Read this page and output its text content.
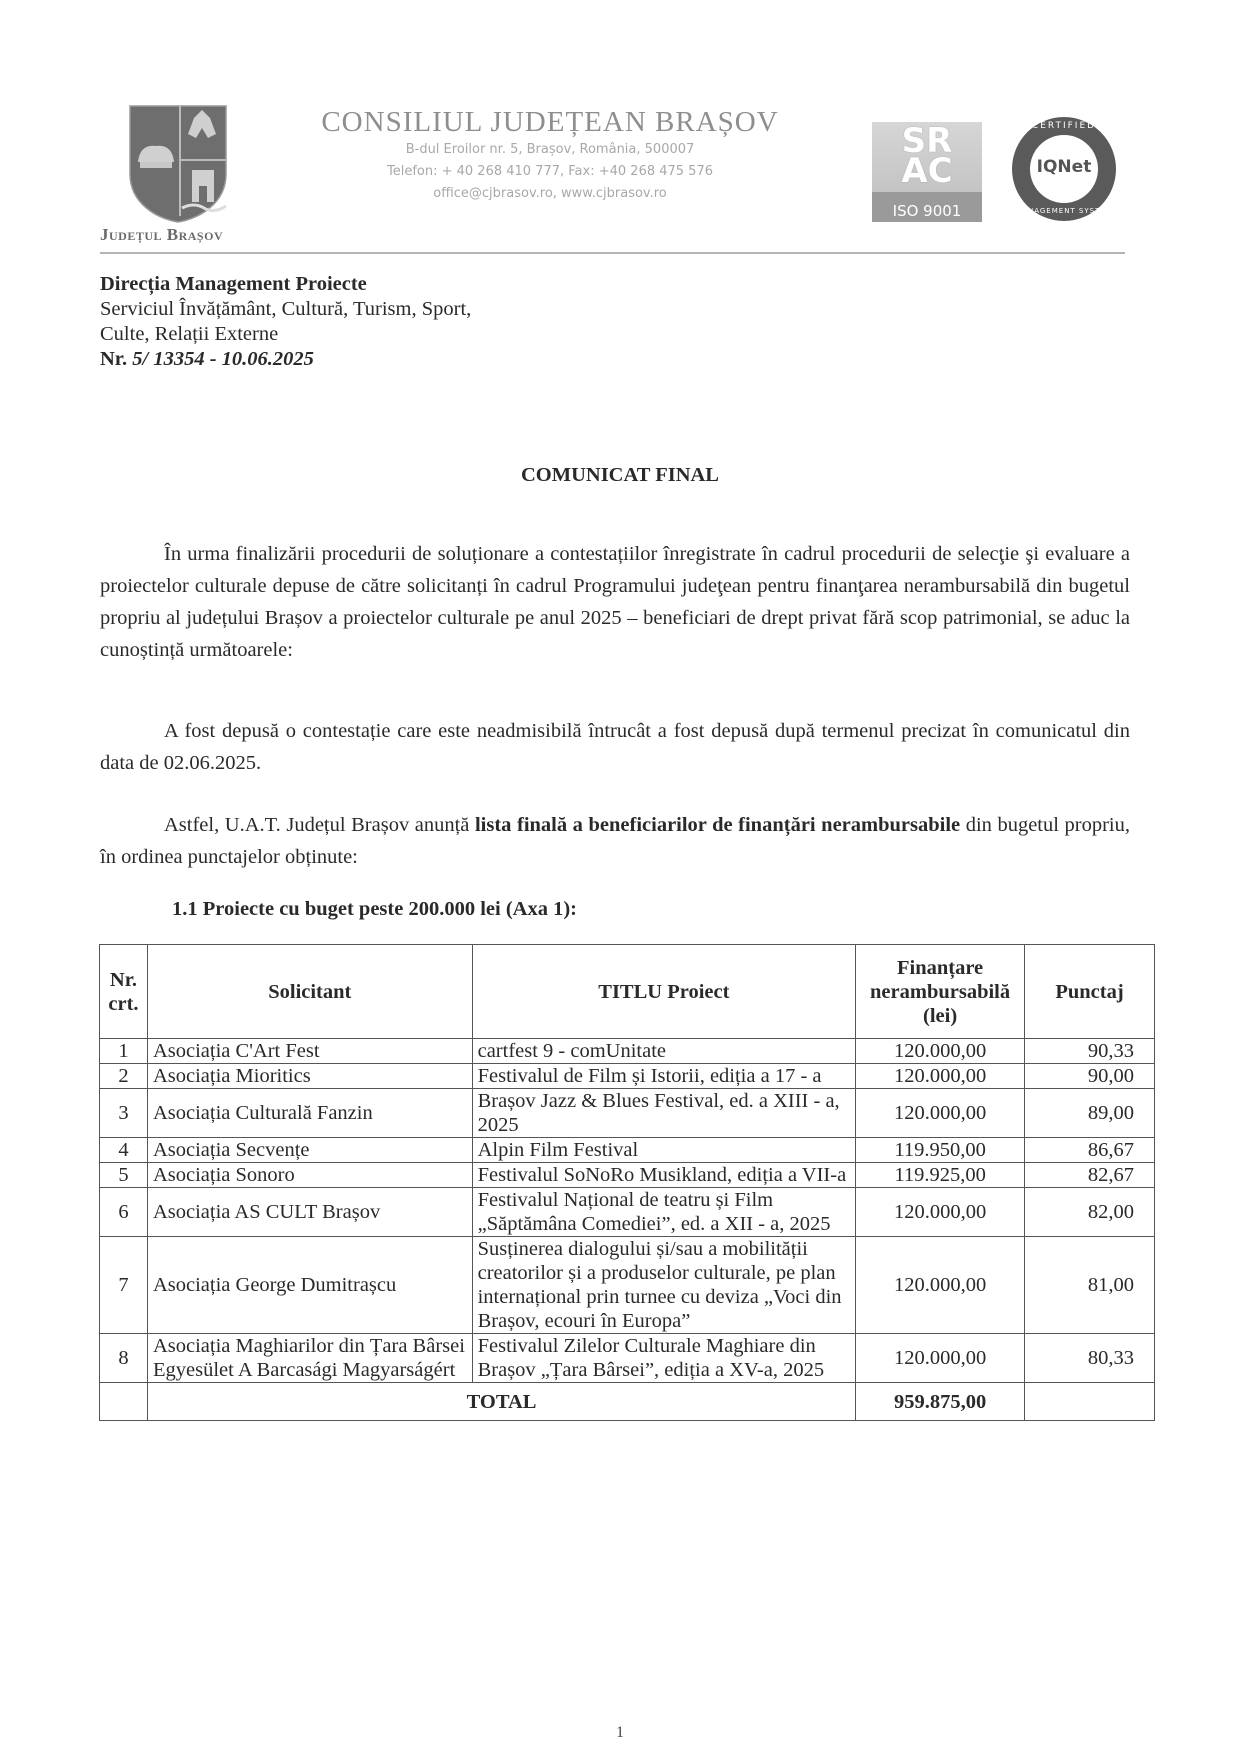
Județul Brașov
CONSILIUL JUDEȚEAN BRAȘOV
B-dul Eroilor nr. 5, Brașov, România, 500007
Telefon: + 40 268 410 777, Fax: +40 268 475 576
office@cjbrasov.ro, www.cjbrasov.ro
SR
AC
ISO 9001
CERTIFIED
IQNet
MANAGEMENT SYSTEM
Direcția Management Proiecte
Serviciul Învățământ, Cultură, Turism, Sport,
Culte, Relații Externe
Nr. 5/ 13354 - 10.06.2025
COMUNICAT FINAL
În urma finalizării procedurii de soluționare a contestațiilor înregistrate în cadrul procedurii de selecţie şi evaluare a proiectelor culturale depuse de către solicitanți în cadrul Programului judeţean pentru finanţarea nerambursabilă din bugetul propriu al județului Brașov a proiectelor culturale pe anul 2025 – beneficiari de drept privat fără scop patrimonial, se aduc la cunoștință următoarele:
A fost depusă o contestație care este neadmisibilă întrucât a fost depusă după termenul precizat în comunicatul din data de 02.06.2025.
Astfel, U.A.T. Județul Brașov anunță lista finală a beneficiarilor de finanțări nerambursabile din bugetul propriu, în ordinea punctajelor obținute:
1.1 Proiecte cu buget peste 200.000 lei (Axa 1):
Nr. crt.	Solicitant	TITLU Proiect	Finanțare nerambursabilă (lei)	Punctaj
1	Asociația C'Art Fest	cartfest 9 - comUnitate	120.000,00	90,33
2	Asociația Mioritics	Festivalul de Film și Istorii, ediția a 17 - a	120.000,00	90,00
3	Asociația Culturală Fanzin	Brașov Jazz & Blues Festival, ed. a XIII - a, 2025	120.000,00	89,00
4	Asociația Secvențe	Alpin Film Festival	119.950,00	86,67
5	Asociația Sonoro	Festivalul SoNoRo Musikland, ediția a VII-a	119.925,00	82,67
6	Asociația AS CULT Brașov	Festivalul Național de teatru și Film „Săptămâna Comediei”, ed. a XII - a, 2025	120.000,00	82,00
7	Asociația George Dumitrașcu	Susținerea dialogului și/sau a mobilității creatorilor și a produselor culturale, pe plan internațional prin turnee cu deviza „Voci din Brașov, ecouri în Europa”	120.000,00	81,00
8	Asociația Maghiarilor din Țara Bârsei Egyesület A Barcasági Magyarságért	Festivalul Zilelor Culturale Maghiare din Brașov „Țara Bârsei”, ediția a XV-a, 2025	120.000,00	80,33
	TOTAL		959.875,00	
1
